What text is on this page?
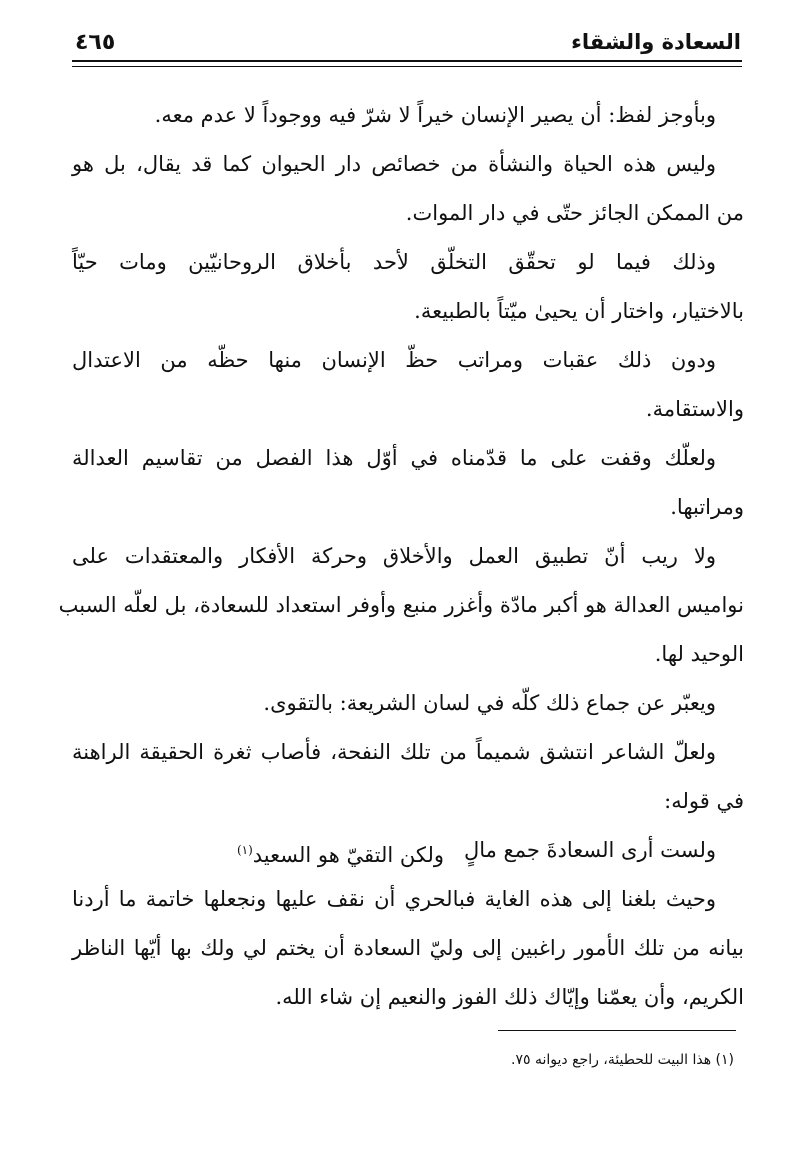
السعادة والشقاء
٤٦٥
وبأوجز لفظ: أن يصير الإنسان خيراً لا شرّ فيه ووجوداً لا عدم معه.
وليس هذه الحياة والنشأة من خصائص دار الحيوان كما قد يقال، بل هو
من الممكن الجائز حتّى في دار الموات.
وذلك فيما لو تحقّق التخلّق لأحد بأخلاق الروحانيّين ومات حيّاً
بالاختيار، واختار أن يحيىٰ ميّتاً بالطبيعة.
ودون ذلك عقبات ومراتب حظّ الإنسان منها حظّه من الاعتدال
والاستقامة.
ولعلّك وقفت على ما قدّمناه في أوّل هذا الفصل من تقاسيم العدالة
ومراتبها.
ولا ريب أنّ تطبيق العمل والأخلاق وحركة الأفكار والمعتقدات على
نواميس العدالة هو أكبر مادّة وأغزر منبع وأوفر استعداد للسعادة، بل لعلّه السبب
الوحيد لها.
ويعبّر عن جماع ذلك كلّه في لسان الشريعة: بالتقوى.
ولعلّ الشاعر انتشق شميماً من تلك النفحة، فأصاب ثغرة الحقيقة الراهنة
في قوله:
ولست أرى السعادةَ جمع مالٍ
ولكن التقيّ هو السعيد$^{(١)}$
وحيث بلغنا إلى هذه الغاية فبالحري أن نقف عليها ونجعلها خاتمة ما أردنا
بيانه من تلك الأمور راغبين إلى وليّ السعادة أن يختم لي ولك بها أيّها الناظر
الكريم، وأن يعمّنا وإيّاك ذلك الفوز والنعيم إن شاء الله.
(١) هذا البيت للحطيئة، راجع ديوانه ٧٥.
